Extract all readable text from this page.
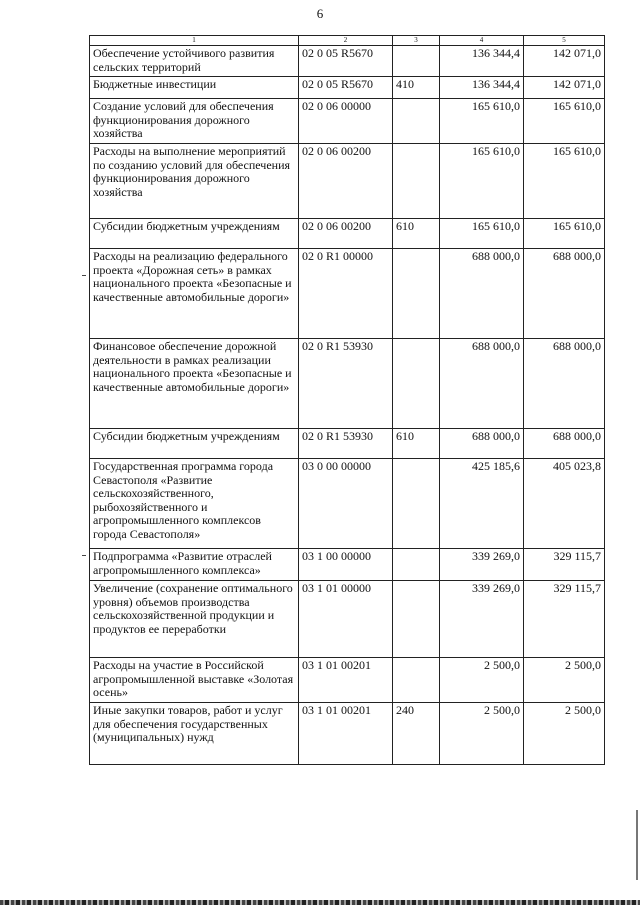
6
1	2	3	4	5
Обеспечение устойчивого развития сельских территорий	02 0 05 R5670		136 344,4	142 071,0
Бюджетные инвестиции	02 0 05 R5670	410	136 344,4	142 071,0
Создание условий для обеспечения функционирования дорожного хозяйства	02 0 06 00000		165 610,0	165 610,0
Расходы на выполнение мероприятий по созданию условий для обеспечения функционирования дорожного хозяйства	02 0 06 00200		165 610,0	165 610,0
Субсидии бюджетным учреждениям	02 0 06 00200	610	165 610,0	165 610,0
Расходы на реализацию федерального проекта «Дорожная сеть» в рамках национального проекта «Безопасные и качественные автомобильные дороги»	02 0 R1 00000		688 000,0	688 000,0
Финансовое обеспечение дорожной деятельности в рамках реализации национального проекта «Безопасные и качественные автомобильные дороги»	02 0 R1 53930		688 000,0	688 000,0
Субсидии бюджетным учреждениям	02 0 R1 53930	610	688 000,0	688 000,0
Государственная программа города Севастополя «Развитие сельскохозяйственного, рыбохозяйственного и агропромышленного комплексов города Севастополя»	03 0 00 00000		425 185,6	405 023,8
Подпрограмма «Развитие отраслей агропромышленного комплекса»	03 1 00 00000		339 269,0	329 115,7
Увеличение (сохранение оптимального уровня) объемов производства сельскохозяйственной продукции и продуктов ее переработки	03 1 01 00000		339 269,0	329 115,7
Расходы на участие в Российской агропромышленной выставке «Золотая осень»	03 1 01 00201		2 500,0	2 500,0
Иные закупки товаров, работ и услуг для обеспечения государственных (муниципальных) нужд	03 1 01 00201	240	2 500,0	2 500,0
